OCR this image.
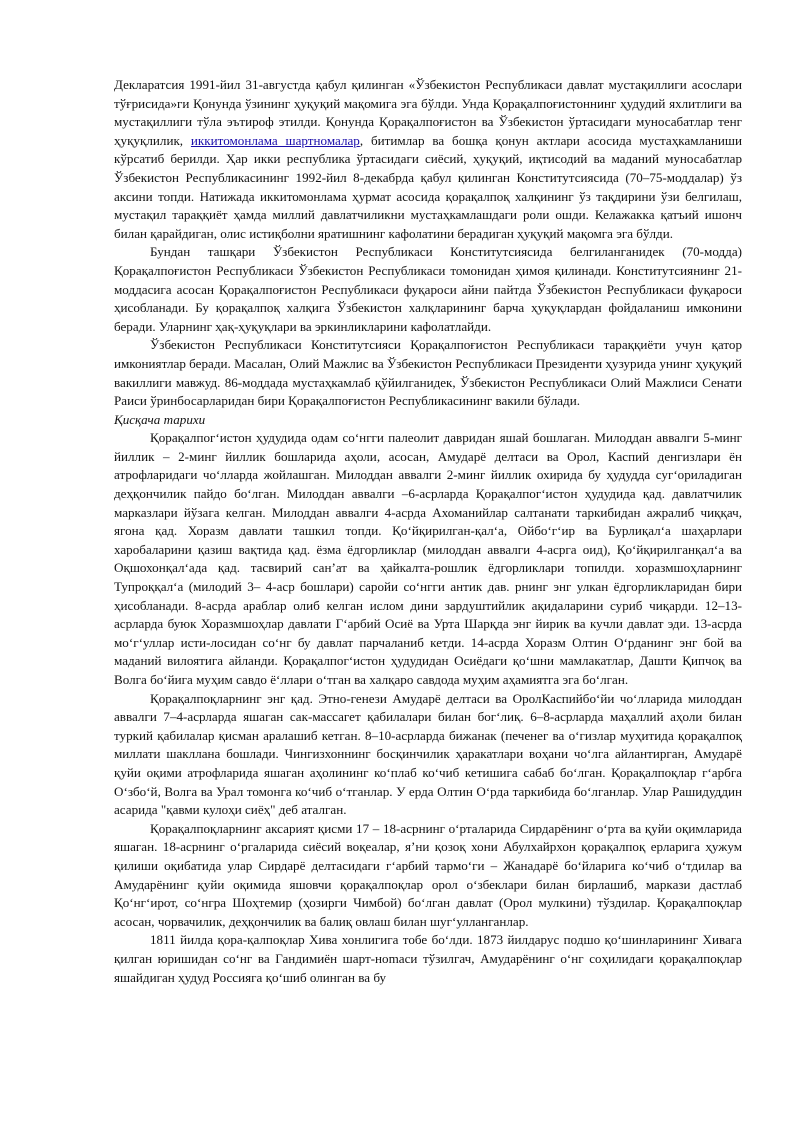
Декларатсия 1991-йил 31-августда қабул қилинган «Ўзбекистон Республикаси давлат мустақиллиги асослари тўғрисида»ги Қонунда ўзининг ҳуқуқий мақомига эга бўлди. Унда Қорақалпоғистоннинг ҳудудий яхлитлиги ва мустақиллиги тўла эътироф этилди. Қонунда Қорақалпоғистон ва Ўзбекистон ўртасидаги муносабатлар тенг ҳуқуқлилик, иккитомонлама шартномалар, битимлар ва бошқа қонун актлари асосида мустаҳкамланиши кўрсатиб берилди. Ҳар икки республика ўртасидаги сиёсий, ҳуқуқий, иқтисодий ва маданий муносабатлар Ўзбекистон Республикасининг 1992-йил 8-декабрда қабул қилинган Конститутсиясида (70–75-моддалар) ўз аксини топди. Натижада иккитомонлама ҳурмат асосида қорақалпоқ халқининг ўз тақдирини ўзи белгилаш, мустақил тараққиёт ҳамда миллий давлатчиликни мустаҳкамлашдаги роли ошди. Келажакка қатъий ишонч билан қарайдиган, олис истиқболни яратишнинг кафолатини берадиган ҳуқуқий мақомга эга бўлди.

Бундан ташқари Ўзбекистон Республикаси Конститутсиясида белгиланганидек (70-модда) Қорақалпоғистон Республикаси Ўзбекистон Республикаси томонидан ҳимоя қилинади. Конститутсиянинг 21-моддасига асосан Қорақалпоғистон Республикаси фуқароси айни пайтда Ўзбекистон Республикаси фуқароси ҳисобланади. Бу қорақалпоқ халқига Ўзбекистон халқларининг барча ҳуқуқлардан фойдаланиш имконини беради. Уларнинг ҳақ-ҳуқуқлари ва эркинликларини кафолатлайди.

Ўзбекистон Республикаси Конститутсияси Қорақалпоғистон Республикаси тараққиёти учун қатор имкониятлар беради. Масалан, Олий Мажлис ва Ўзбекистон Республикаси Президенти ҳузурида унинг ҳуқуқий вакиллиги мавжуд. 86-моддада мустаҳкамлаб қўйилганидек, Ўзбекистон Республикаси Олий Мажлиси Сенати Раиси ўринбосарларидан бири Қорақалпоғистон Республикасининг вакили бўлади.

Қисқача тарихи

Қорақалпогʻистон ҳудудида одам соʻнгги палеолит давридан яшай бошлаган. Милоддан аввалги 5-минг йиллик – 2-минг йиллик бошларида аҳоли, асосан, Амударё делтаси ва Орол, Каспий денгизлари ён атрофларидаги чоʻлларда жойлашган. Милоддан аввалги 2-минг йиллик охирида бу ҳудудда сугʻориладиган деҳқончилик пайдо боʻлган. Милоддан аввалги –6-асрларда Қорақалпогʻистон ҳудудида қад. давлатчилик марказлари йўзага келган. Милоддан аввалги 4-асрда Ахоманийлар салтанати таркибидан ажралиб чиққач, ягона қад. Хоразм давлати ташкил топди. Қоʻйқирилган-қалʻа, Ойбоʻгʻир ва Бурлиқалʻа шаҳарлари харобаларини қазиш вақтида қад. ёзма ёдгорликлар (милоддан аввалги 4-асрга оид), Қоʻйқирилганқалʻа ва Оқшохонқалʻада қад. тасвирий санʼат ва ҳайкалта-рошлик ёдгорликлари топилди. хоразмшоҳларнинг Тупроққалʻа (милодий 3– 4-аср бошлари) саройи соʻнгги антик дав. рнинг энг улкан ёдгорликларидан бири ҳисобланади. 8-асрда араблар олиб келган ислом дини зардуштийлик ақидаларини суриб чиқарди. 12–13-асрларда буюк Хоразмшоҳлар давлати Гʻарбий Осиё ва Урта Шарқда энг йирик ва кучли давлат эди. 13-асрда моʻгʻуллар исти-лосидан соʻнг бу давлат парчаланиб кетди. 14-асрда Хоразм Олтин Оʻрданинг энг бой ва маданий вилоятига айланди. Қорақалпогʻистон ҳудудидан Осиёдаги қоʻшни мамлакатлар, Дашти Қипчоқ ва Волга боʻйига муҳим савдо ёʻллари оʻтган ва халқаро савдода муҳим аҳамиятга эга боʻлган.

Қорақалпоқларнинг энг қад. Этно-генези Амударё делтаси ва ОролКаспийбоʻйи чоʻлларида милоддан аввалги 7–4-асрларда яшаган сак-массагет қабилалари билан богʻлиқ. 6–8-асрларда маҳаллий аҳоли билан туркий қабилалар қисман аралашиб кетган. 8–10-асрларда бижанак (печенег ва оʻгизлар муҳитида қорақалпоқ миллати шаклланa бошлади. Чингизхоннинг босқинчилик ҳаракатлари воҳани чоʻлга айлантирган, Амударё қуйи оқими атрофларида яшаган аҳолининг коʻплаб коʻчиб кетишига сабаб боʻлган. Қорақалпоқлар гʻарбга Оʻзбоʻй, Волга ва Урал томонга коʻчиб оʻтганлар. У ерда Олтин Оʻрда таркибида боʻлганлар. Улар Рашидуддин асарида "қавми кулоҳи сиёҳ" деб аталган.

Қорақалпоқларнинг аксарият қисми 17 – 18-асрнинг оʻрталарида Сирдарёнинг оʻрта ва қуйи оқимларида яшаган. 18-асрнинг оʻргаларида сиёсий воқеалар, яʼни қозоқ хони Абулхайрхон қорақалпоқ ерларига ҳужум қилиши оқибатида улар Сирдарё делтасидаги гʻарбий тармоʻги – Жанадарё боʻйларига коʻчиб оʻтдилар ва Амударёнинг қуйи оқимида яшовчи қорақалпоқлар орол оʻзбеклари билан бирлашиб, маркази дастлаб Қоʻнгʻирот, соʻнгра Шоҳтемир (ҳозирги Чимбой) боʻлган давлат (Орол мулкини) тўздилар. Қорақалпоқлар асосан, чорвачилик, деҳқончилик ва балиқ овлаш билан шугʻулланганлар.

1811 йилда қора-қалпоқлар Хива хонлигига тобе боʻлди. 1873 йилдарус подшо қоʻшинларининг Хивага қилган юришидан соʻнг ва Гандимиён шарт-нomaси тўзилгач, Амударёнинг оʻнг соҳилидаги қорақалпоқлар яшайдиган ҳудуд Россияга қоʻшиб олинган ва бу
